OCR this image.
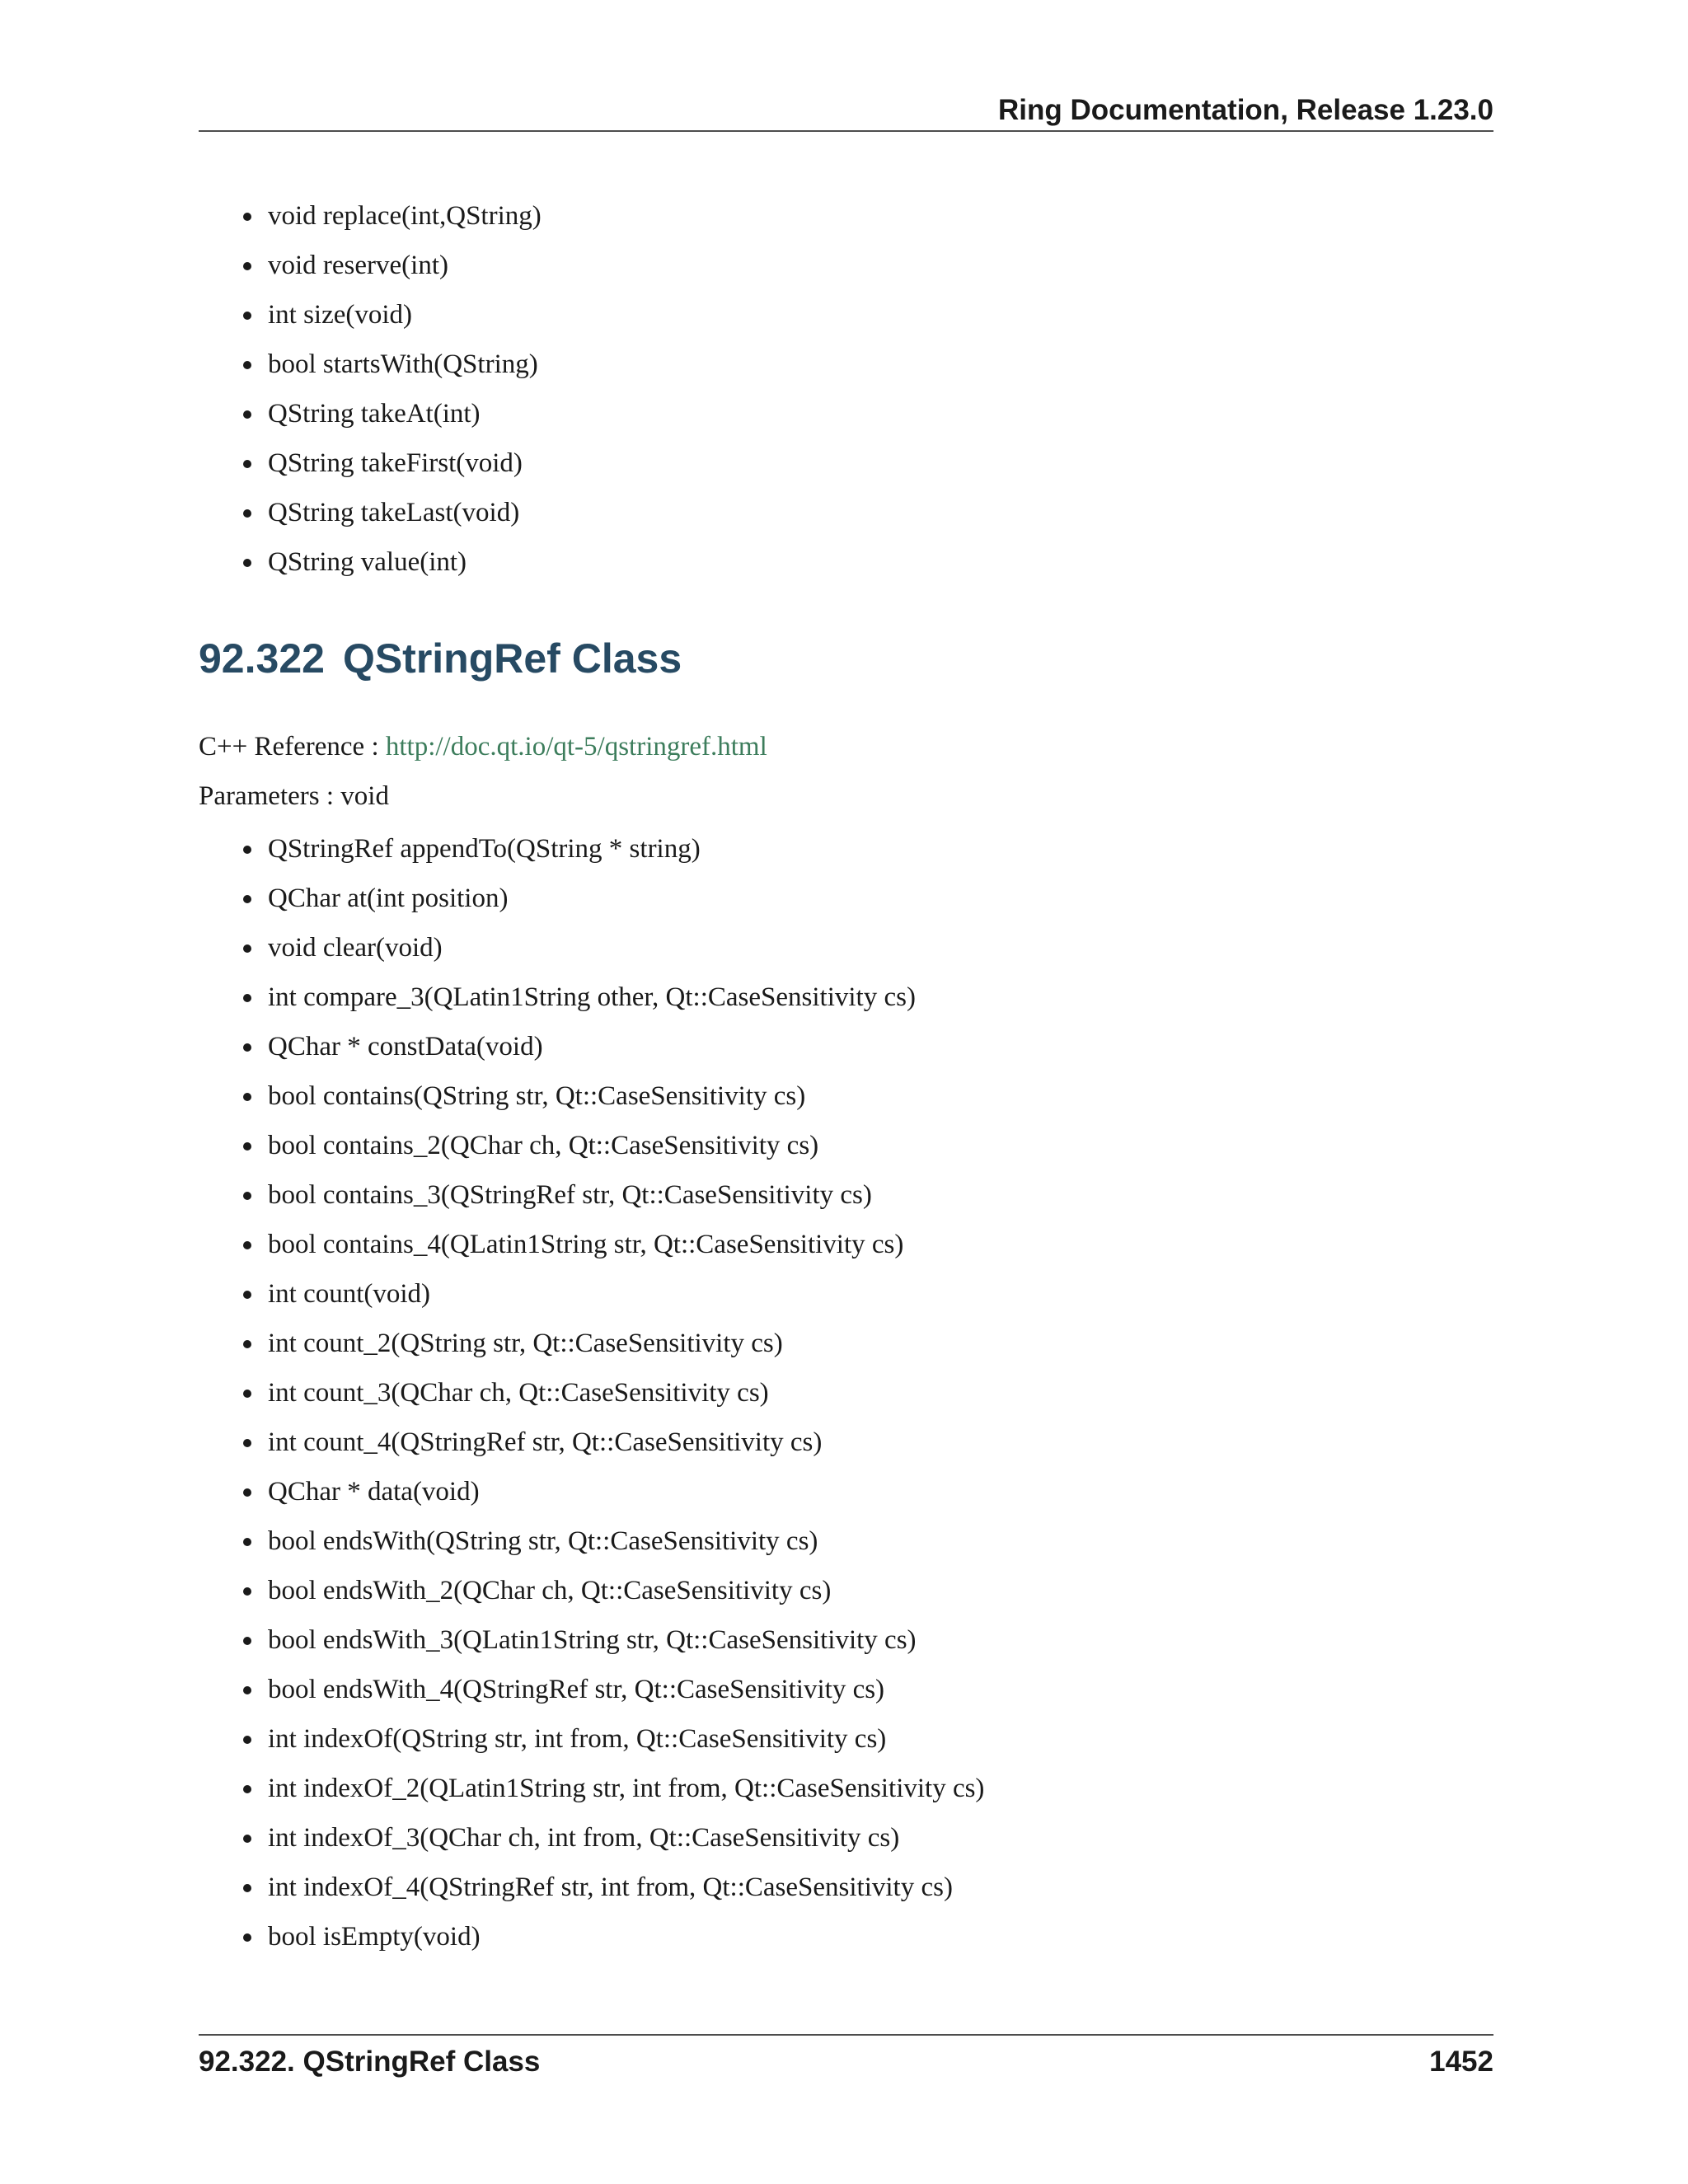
Ring Documentation, Release 1.23.0
void replace(int,QString)
void reserve(int)
int size(void)
bool startsWith(QString)
QString takeAt(int)
QString takeFirst(void)
QString takeLast(void)
QString value(int)
92.322 QStringRef Class
C++ Reference : http://doc.qt.io/qt-5/qstringref.html
Parameters : void
QStringRef appendTo(QString * string)
QChar at(int position)
void clear(void)
int compare_3(QLatin1String other, Qt::CaseSensitivity cs)
QChar * constData(void)
bool contains(QString str, Qt::CaseSensitivity cs)
bool contains_2(QChar ch, Qt::CaseSensitivity cs)
bool contains_3(QStringRef str, Qt::CaseSensitivity cs)
bool contains_4(QLatin1String str, Qt::CaseSensitivity cs)
int count(void)
int count_2(QString str, Qt::CaseSensitivity cs)
int count_3(QChar ch, Qt::CaseSensitivity cs)
int count_4(QStringRef str, Qt::CaseSensitivity cs)
QChar * data(void)
bool endsWith(QString str, Qt::CaseSensitivity cs)
bool endsWith_2(QChar ch, Qt::CaseSensitivity cs)
bool endsWith_3(QLatin1String str, Qt::CaseSensitivity cs)
bool endsWith_4(QStringRef str, Qt::CaseSensitivity cs)
int indexOf(QString str, int from, Qt::CaseSensitivity cs)
int indexOf_2(QLatin1String str, int from, Qt::CaseSensitivity cs)
int indexOf_3(QChar ch, int from, Qt::CaseSensitivity cs)
int indexOf_4(QStringRef str, int from, Qt::CaseSensitivity cs)
bool isEmpty(void)
92.322. QStringRef Class	1452
